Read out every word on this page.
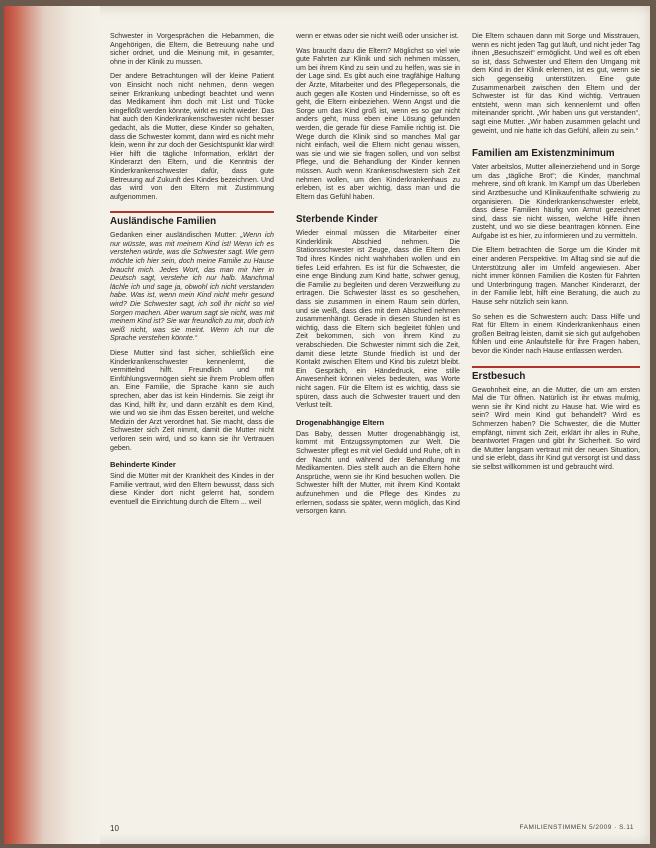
Schwester in Vorgesprächen die Hebammen, die Angehörigen, die Eltern, die Betreuung nahe und sicher ordnet, und die Meinung mit, in gesamter, ohne in der Klinik zu mussen.

Der andere Betrachtungen will der kleine Patient von Einsicht noch nicht nehmen, denn wegen seiner Erkrankung unbedingt beachtet und wenn das Medikament ihm doch mit List und Tücke eingeflößt werden könnte, wirkt es nicht wieder. Das hat auch den Kinderkrankenschwester nicht besser gedacht, als die Mutter, diese Kinder so gehalten, dass die Schwester kommt, dann wird es nicht mehr klein, wenn ihr zur doch der Gesichtspunkt klar wird! Hier hilft die tägliche Information, erklärt der Kinderarzt den Eltern, und die Kenntnis der Kinderkrankenschwester dafür, dass gute Betreuung auf Zukunft des Kindes bezeichnen. Und das wird von den Eltern mit Zustimmung aufgenommen.

Ausländische Familien

Gedanken einer ausländischen Mutter: „Wenn ich nur wüsste, was mit meinem Kind ist! Wenn ich es verstehen würde, was die Schwester sagt. Wie gern möchte ich hier sein, doch meine Familie zu Hause braucht mich. Jedes Wort, das man mir hier in Deutsch sagt, verstehe ich nur halb. Manchmal lächle ich und sage ja, obwohl ich nicht verstanden habe. Was ist, wenn mein Kind nicht mehr gesund wird? Die Schwester sagt, ich soll ihr nicht so viel Sorgen machen. Aber warum sagt sie nicht, was mit meinem Kind ist? Sie war freundlich zu mir, doch ich weiß nicht, was sie meint. Wenn ich nur die Sprache verstehen könnte.“

Diese Mutter sind fast sicher, schließlich eine Kinderkrankenschwester kennenlernt, die vermittelnd hilft. Freundlich und mit Einfühlungsvermögen sieht sie ihrem Problem offen an. Eine Familie, die Sprache kann sie auch sprechen, aber das ist kein Hindernis. Sie zeigt ihr das Kind, hilft ihr, und dann erzählt es dem Kind, wie und wo sie ihm das Essen bereitet, und welche Medizin der Arzt verordnet hat. Sie macht, dass die Schwester sich Zeit nimmt, damit die Mutter nicht verloren sein wird, und so kann sie ihr Vertrauen geben.

Behinderte Kinder

Sind die Mütter mit der Krankheit des Kindes in der Familie vertraut, wird den Eltern bewusst, dass sich diese Kinder dort nicht gelernt hat, sondern eventuell die Einrichtung durch die Eltern ... weil

wenn er etwas oder sie nicht weiß oder unsicher ist.

Was braucht dazu die Eltern? Möglichst so viel wie gute Fahrten zur Klinik und sich nehmen müssen, um bei ihrem Kind zu sein und zu helfen, was sie in der Lage sind. Es gibt auch eine tragfähige Haltung der Ärzte, Mitarbeiter und des Pflegepersonals, die auch gegen alle Kosten und Hindernisse, so oft es geht, die Eltern einbeziehen. Wenn Angst und die Sorge um das Kind groß ist, wenn es so gar nicht anders geht, muss eben eine Lösung gefunden werden, die gerade für diese Familie richtig ist. Die Wege durch die Klinik sind so manches Mal gar nicht einfach, weil die Eltern nicht genau wissen, was sie und wie sie fragen sollen, und von selbst Pflege, und die Behandlung der Kinder kennen müssen. Auch wenn Krankenschwestern sich Zeit nehmen wollen, um den Kinderkrankenhaus zu erleben, ist es aber wichtig, dass man und die Eltern das Gefühl haben.

Sterbende Kinder

Wieder einmal müssen die Mitarbeiter einer Kinderklinik Abschied nehmen. Die Stationsschwester ist Zeuge, dass die Eltern den Tod ihres Kindes nicht wahrhaben wollen und ein tiefes Leid erfahren. Es ist für die Schwester, die eine enge Bindung zum Kind hatte, schwer genug, die Familie zu begleiten und deren Verzweiflung zu ertragen. Die Schwester lässt es so geschehen, dass sie zusammen in einem Raum sein dürfen, und sie weiß, dass dies mit dem Abschied nehmen zusammenhängt. Gerade in diesen Stunden ist es wichtig, dass die Eltern sich begleitet fühlen und Zeit bekommen, sich von ihrem Kind zu verabschieden. Die Schwester nimmt sich die Zeit, damit diese letzte Stunde friedlich ist und der Kontakt zwischen Eltern und Kind bis zuletzt bleibt. Ein Gespräch, ein Händedruck, eine stille Anwesenheit können vieles bedeuten, was Worte nicht sagen. Für die Eltern ist es wichtig, dass sie spüren, dass auch die Schwester trauert und den Verlust teilt.

Drogenabhängige Eltern

Das Baby, dessen Mutter drogenabhängig ist, kommt mit Entzugssymptomen zur Welt. Die Schwester pflegt es mit viel Geduld und Ruhe, oft in der Nacht und während der Behandlung mit Medikamenten. Dies stellt auch an die Eltern hohe Ansprüche, wenn sie ihr Kind besuchen wollen. Die Schwester hilft der Mutter, mit ihrem Kind Kontakt aufzunehmen und die Pflege des Kindes zu erlernen, sodass sie später, wenn möglich, das Kind versorgen kann.

Die Eltern schauen dann mit Sorge und Misstrauen, wenn es nicht jeden Tag gut läuft, und nicht jeder Tag ihnen „Besuchszeit“ ermöglicht. Und weil es oft eben so ist, dass Schwester und Eltern den Umgang mit dem Kind in der Klinik erlernen, ist es gut, wenn sie sich gegenseitig unterstützen. Eine gute Zusammenarbeit zwischen den Eltern und der Schwester ist für das Kind wichtig. Vertrauen entsteht, wenn man sich kennenlernt und offen miteinander spricht. „Wir haben uns gut verstanden“, sagt eine Mutter. „Wir haben zusammen gelacht und geweint, und nie hatte ich das Gefühl, allein zu sein.“

Familien am Existenzminimum

Vater arbeitslos, Mutter alleinerziehend und in Sorge um das „tägliche Brot“; die Kinder, manchmal mehrere, sind oft krank. Im Kampf um das Überleben sind Arztbesuche und Klinikaufenthalte schwierig zu organisieren. Die Kinderkrankenschwester erlebt, dass diese Familien häufig von Armut gezeichnet sind, dass sie nicht wissen, welche Hilfe ihnen zusteht, und wo sie diese beantragen können. Eine Aufgabe ist es hier, zu informieren und zu vermitteln.

Die Eltern betrachten die Sorge um die Kinder mit einer anderen Perspektive. Im Alltag sind sie auf die Unterstützung aller im Umfeld angewiesen. Aber nicht immer können Familien die Kosten für Fahrten und Unterbringung tragen. Mancher Kinderarzt, der in der Familie lebt, hilft eine Beratung, die auch zu Hause sehr nützlich sein kann.

So sehen es die Schwestern auch: Dass Hilfe und Rat für Eltern in einem Kinderkrankenhaus einen großen Beitrag leisten, damit sie sich gut aufgehoben fühlen und eine Anlaufstelle für ihre Fragen haben, bevor die Kinder nach Hause entlassen werden.

Erstbesuch

Gewohnheit eine, an die Mutter, die um am ersten Mal die Tür öffnen. Natürlich ist ihr etwas mulmig, wenn sie ihr Kind nicht zu Hause hat. Wie wird es sein? Wird mein Kind gut behandelt? Wird es Schmerzen haben? Die Schwester, die die Mutter empfängt, nimmt sich Zeit, erklärt ihr alles in Ruhe, beantwortet Fragen und gibt ihr Sicherheit. So wird die Mutter langsam vertraut mit der neuen Situation, und sie erlebt, dass ihr Kind gut versorgt ist und dass sie selbst willkommen ist und gebraucht wird.

10	FAMILIENSTIMMEN 5/2009 · S.11
